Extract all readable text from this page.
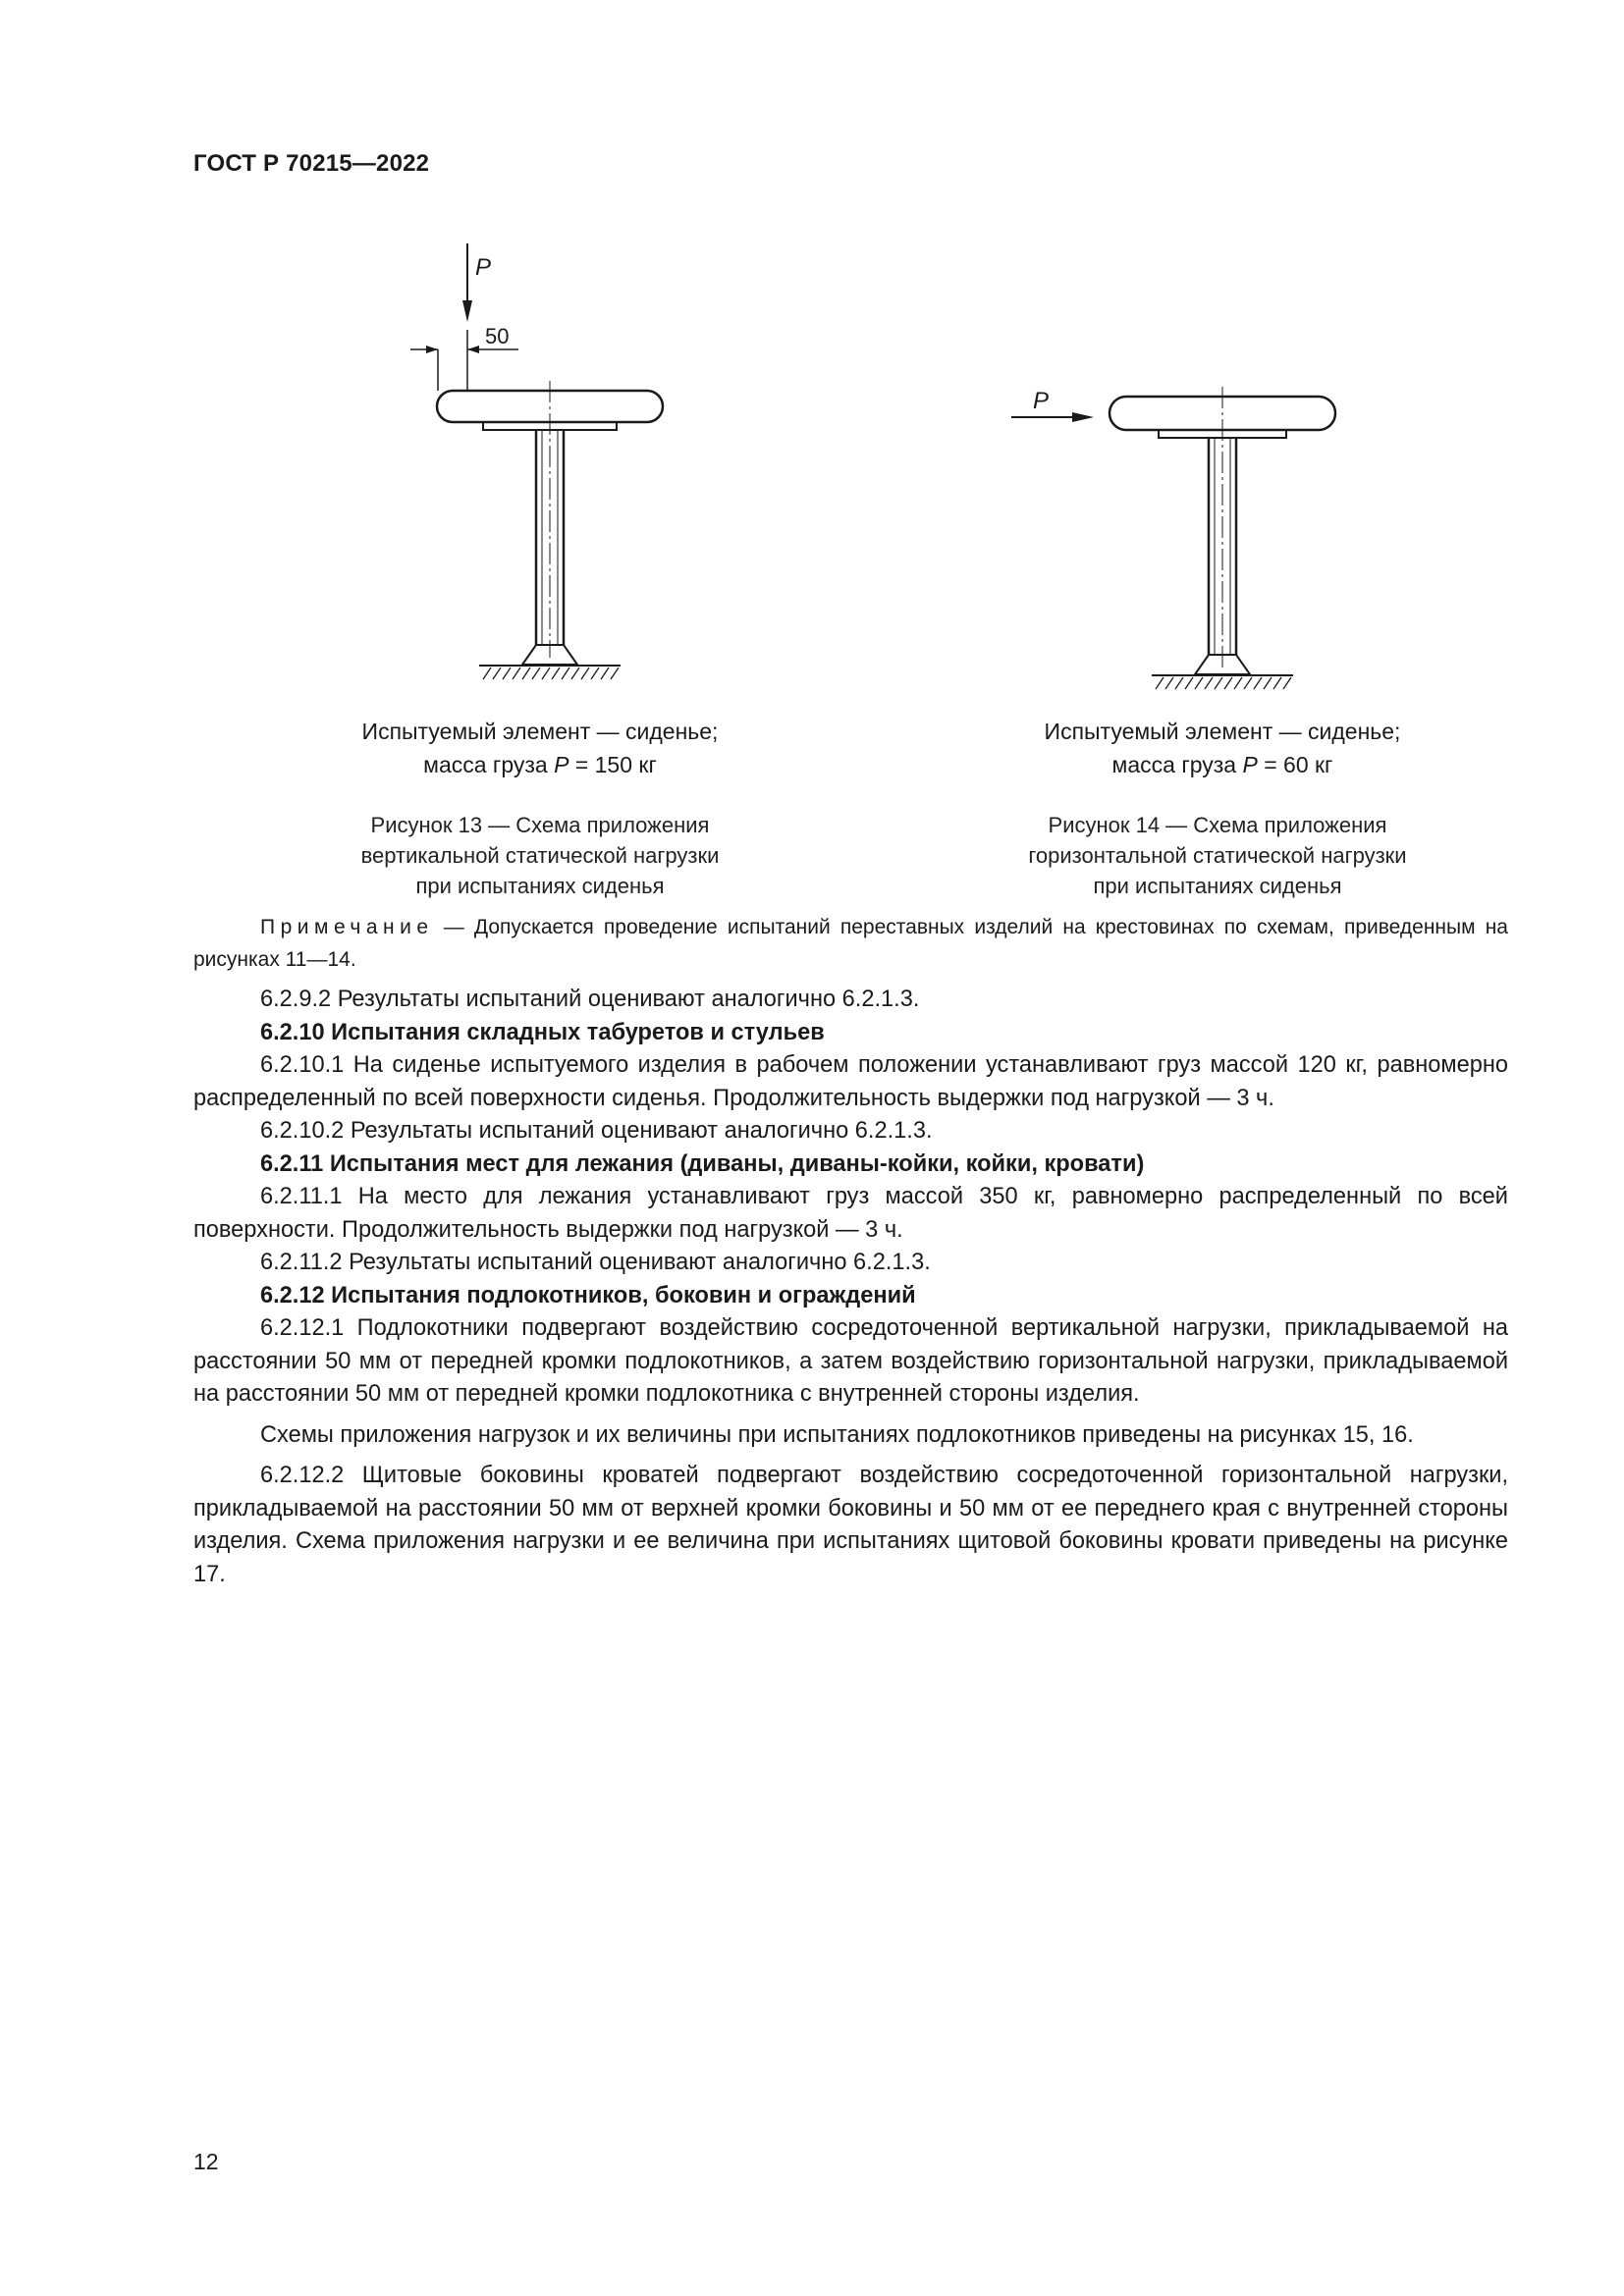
ГОСТ Р 70215—2022
P
50
P
Испытуемый элемент — сиденье;
масса груза P = 150 кг
Рисунок 13 — Схема приложения
вертикальной статической нагрузки
при испытаниях сиденья
Испытуемый элемент — сиденье;
масса груза P = 60 кг
Рисунок 14 — Схема приложения
горизонтальной статической нагрузки
при испытаниях сиденья

Примечание — Допускается проведение испытаний переставных изделий на крестовинах по схемам, приведенным на рисунках 11—14.

6.2.9.2 Результаты испытаний оценивают аналогично 6.2.1.3.

6.2.10 Испытания складных табуретов и стульев

6.2.10.1 На сиденье испытуемого изделия в рабочем положении устанавливают груз массой 120 кг, равномерно распределенный по всей поверхности сиденья. Продолжительность выдержки под нагрузкой — 3 ч.

6.2.10.2 Результаты испытаний оценивают аналогично 6.2.1.3.

6.2.11 Испытания мест для лежания (диваны, диваны-койки, койки, кровати)

6.2.11.1 На место для лежания устанавливают груз массой 350 кг, равномерно распределенный по всей поверхности. Продолжительность выдержки под нагрузкой — 3 ч.

6.2.11.2 Результаты испытаний оценивают аналогично 6.2.1.3.

6.2.12 Испытания подлокотников, боковин и ограждений

6.2.12.1 Подлокотники подвергают воздействию сосредоточенной вертикальной нагрузки, прикладываемой на расстоянии 50 мм от передней кромки подлокотников, а затем воздействию горизонтальной нагрузки, прикладываемой на расстоянии 50 мм от передней кромки подлокотника с внутренней стороны изделия.

Схемы приложения нагрузок и их величины при испытаниях подлокотников приведены на рисунках 15, 16.

6.2.12.2 Щитовые боковины кроватей подвергают воздействию сосредоточенной горизонтальной нагрузки, прикладываемой на расстоянии 50 мм от верхней кромки боковины и 50 мм от ее переднего края с внутренней стороны изделия. Схема приложения нагрузки и ее величина при испытаниях щитовой боковины кровати приведены на рисунке 17.

12
